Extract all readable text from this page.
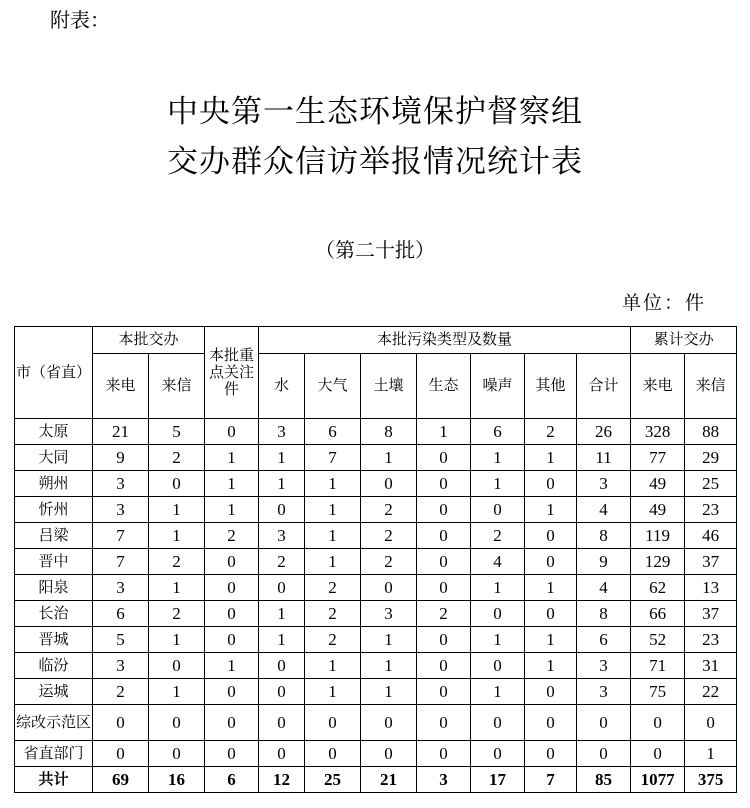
附表：
中央第一生态环境保护督察组
交办群众信访举报情况统计表
（第二十批）
单位：件
市（省直）	本批交办		本批重点关注件	本批污染类型及数量							累计交办	
	来电	来信		水	大气	土壤	生态	噪声	其他	合计	来电	来信
太原	21	5	0	3	6	8	1	6	2	26	328	88
大同	9	2	1	1	7	1	0	1	1	11	77	29
朔州	3	0	1	1	1	0	0	1	0	3	49	25
忻州	3	1	1	0	1	2	0	0	1	4	49	23
吕梁	7	1	2	3	1	2	0	2	0	8	119	46
晋中	7	2	0	2	1	2	0	4	0	9	129	37
阳泉	3	1	0	0	2	0	0	1	1	4	62	13
长治	6	2	0	1	2	3	2	0	0	8	66	37
晋城	5	1	0	1	2	1	0	1	1	6	52	23
临汾	3	0	1	0	1	1	0	0	1	3	71	31
运城	2	1	0	0	1	1	0	1	0	3	75	22
综改示范区	0	0	0	0	0	0	0	0	0	0	0	0
省直部门	0	0	0	0	0	0	0	0	0	0	0	1
共计	69	16	6	12	25	21	3	17	7	85	1077	375
